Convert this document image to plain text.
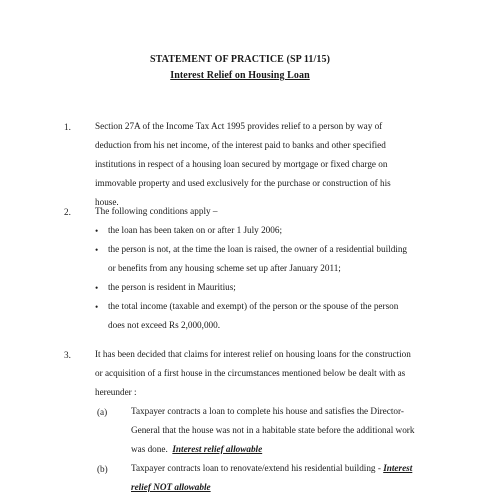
STATEMENT OF PRACTICE (SP 11/15)
Interest Relief on Housing Loan
1.	Section 27A of the Income Tax Act 1995 provides relief to a person by way of
deduction from his net income, of the interest paid to banks and other specified
institutions in respect of a housing loan secured by mortgage or fixed charge on
immovable property and used exclusively for the purchase or construction of his
house.
2.	The following conditions apply –
• the loan has been taken on or after 1 July 2006;
• the person is not, at the time the loan is raised, the owner of a residential building
or benefits from any housing scheme set up after January 2011;
• the person is resident in Mauritius;
• the total income (taxable and exempt) of the person or the spouse of the person
does not exceed Rs 2,000,000.
3.	It has been decided that claims for interest relief on housing loans for the construction
or acquisition of a first house in the circumstances mentioned below be dealt with as
hereunder :
(a)	Taxpayer contracts a loan to complete his house and satisfies the Director-
General that the house was not in a habitable state before the additional work
was done. Interest relief allowable
(b)	Taxpayer contracts loan to renovate/extend his residential building - Interest
relief NOT allowable
